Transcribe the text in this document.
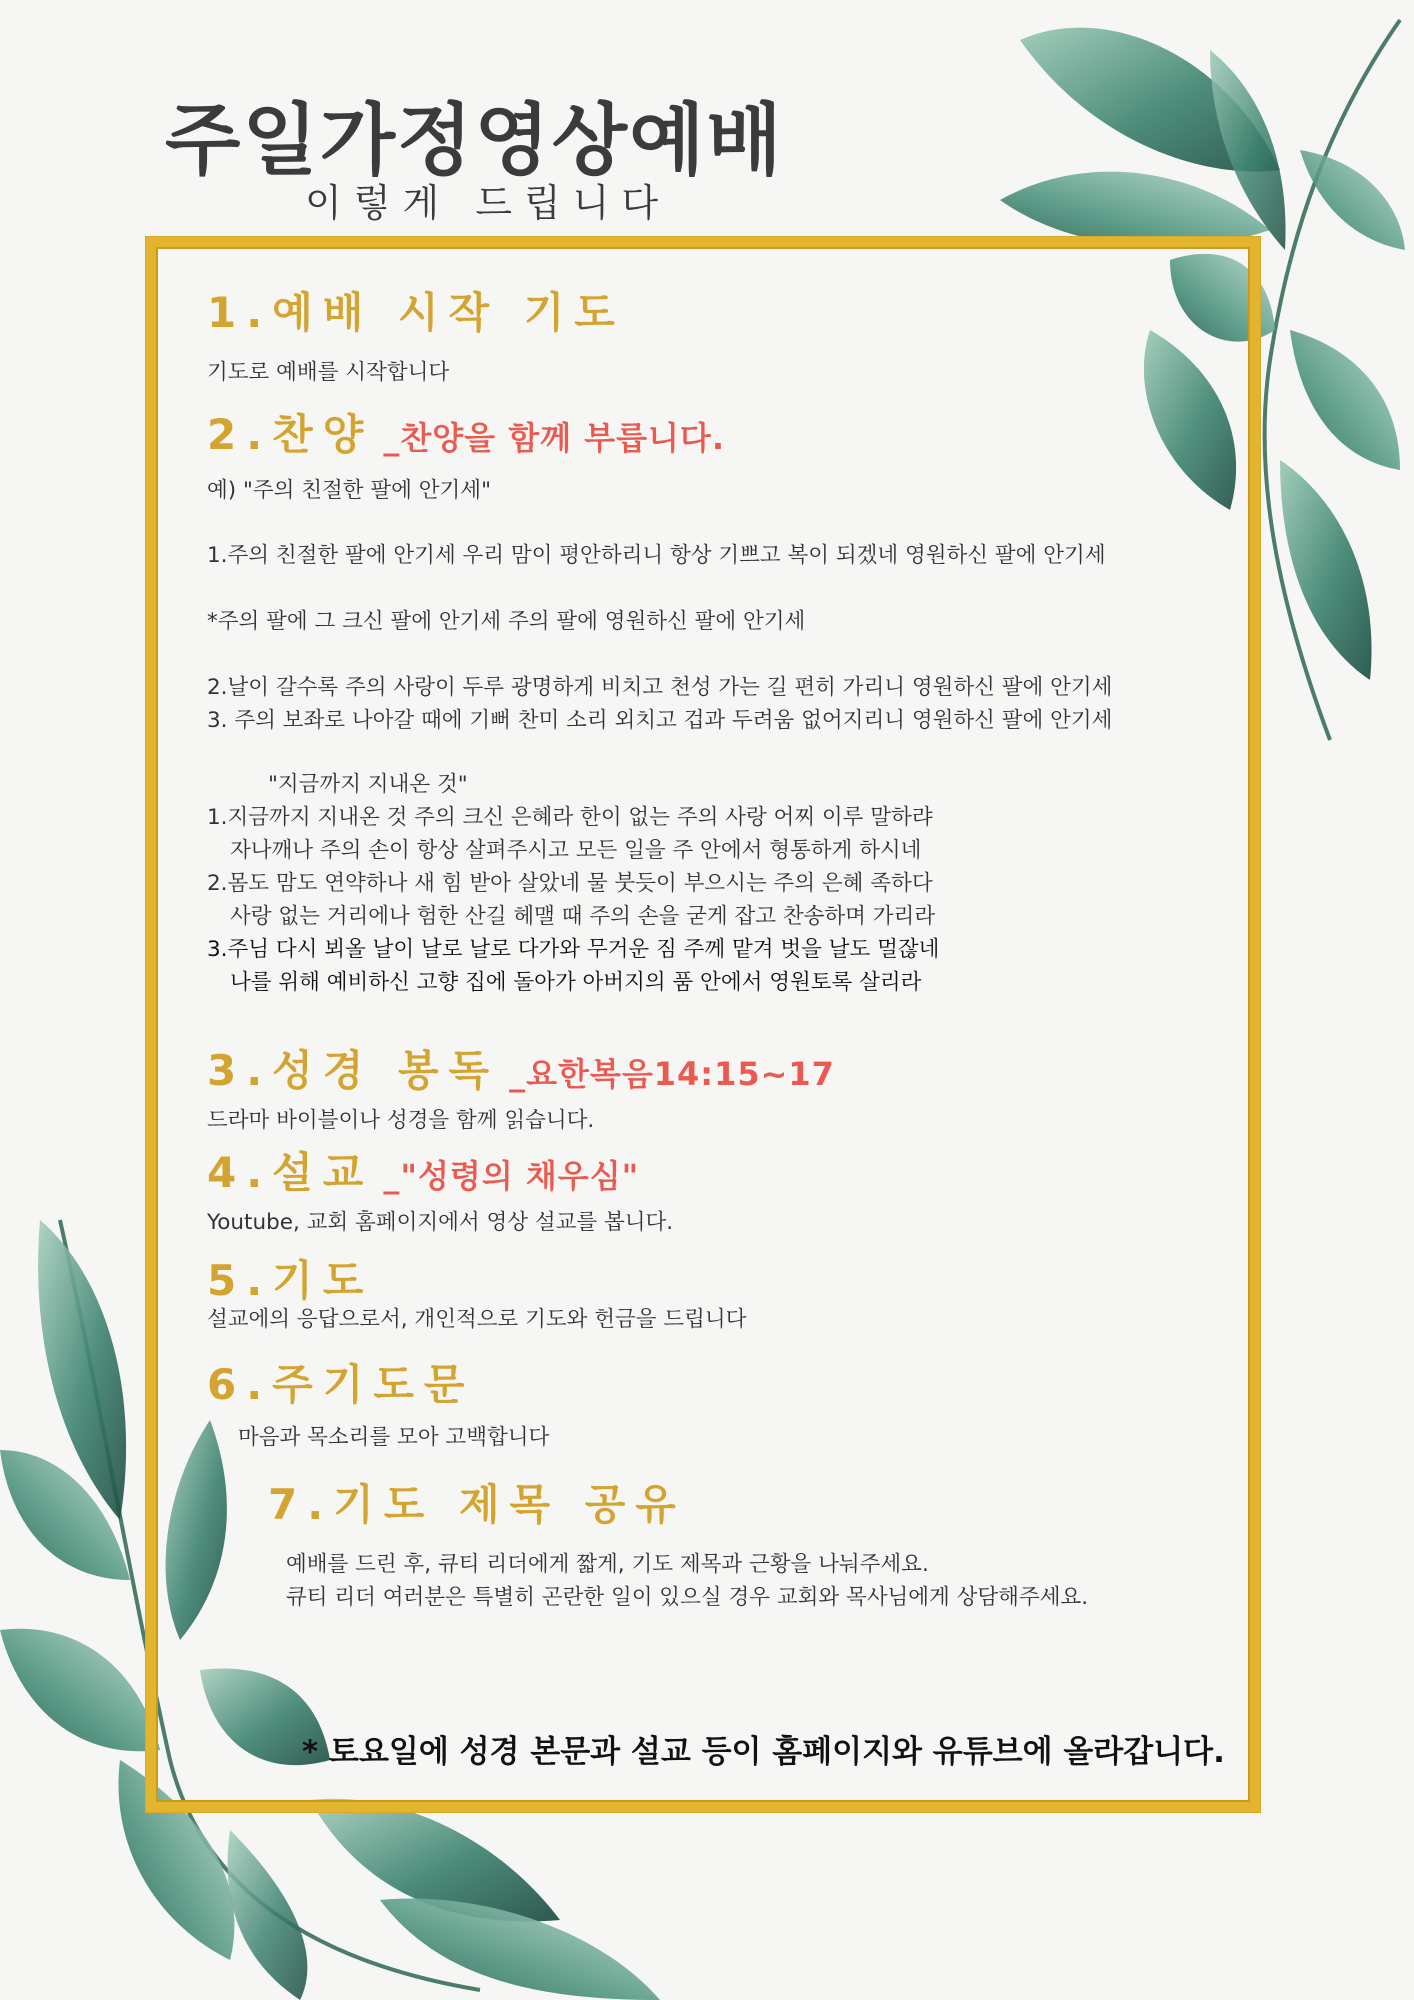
주일가정영상예배
이렇게 드립니다
1.예배 시작 기도
기도로 예배를 시작합니다
2.찬양 _찬양을 함께 부릅니다.
예) "주의 친절한 팔에 안기세"
1.주의 친절한 팔에 안기세 우리 맘이 평안하리니 항상 기쁘고 복이 되겠네 영원하신 팔에 안기세
*주의 팔에 그 크신 팔에 안기세 주의 팔에 영원하신 팔에 안기세
2.날이 갈수록 주의 사랑이 두루 광명하게 비치고 천성 가는 길 편히 가리니 영원하신 팔에 안기세
3. 주의 보좌로 나아갈 때에 기뻐 찬미 소리 외치고 겁과 두려움 없어지리니 영원하신 팔에 안기세
"지금까지 지내온 것"
1.지금까지 지내온 것 주의 크신 은혜라 한이 없는 주의 사랑 어찌 이루 말하랴
자나깨나 주의 손이 항상 살펴주시고 모든 일을 주 안에서 형통하게 하시네
2.몸도 맘도 연약하나 새 힘 받아 살았네 물 붓듯이 부으시는 주의 은혜 족하다
사랑 없는 거리에나 험한 산길 헤맬 때 주의 손을 굳게 잡고 찬송하며 가리라
3.주님 다시 뵈올 날이 날로 날로 다가와 무거운 짐 주께 맡겨 벗을 날도 멀잖네
나를 위해 예비하신 고향 집에 돌아가 아버지의 품 안에서 영원토록 살리라
3.성경 봉독 _요한복음14:15~17
드라마 바이블이나 성경을 함께 읽습니다.
4.설교 _"성령의 채우심"
Youtube, 교회 홈페이지에서 영상 설교를 봅니다.
5.기도
설교에의 응답으로서, 개인적으로 기도와 헌금을 드립니다
6.주기도문
마음과 목소리를 모아 고백합니다
7.기도 제목 공유
예배를 드린 후, 큐티 리더에게 짧게, 기도 제목과 근황을 나눠주세요.
큐티 리더 여러분은 특별히 곤란한 일이 있으실 경우 교회와 목사님에게 상담해주세요.
* 토요일에 성경 본문과 설교 등이 홈페이지와 유튜브에 올라갑니다.
